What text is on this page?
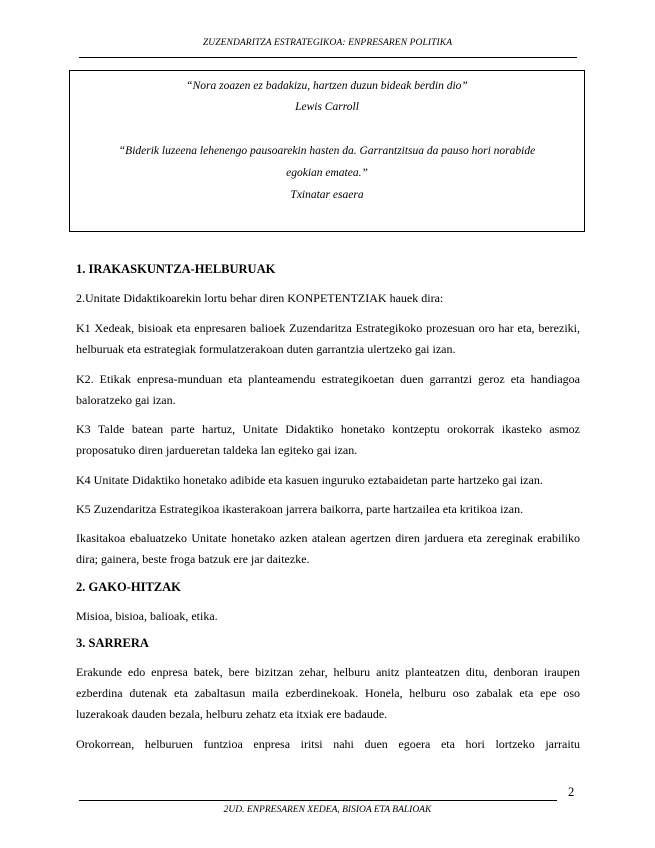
ZUZENDARITZA ESTRATEGIKOA: ENPRESAREN POLITIKA
“Nora zoazen ez badakizu, hartzen duzun bideak berdin dio”
Lewis Carroll
“Biderik luzeena lehenengo pausoarekin hasten da. Garrantzitsua da pauso hori norabide
egokian ematea.”
Txinatar esaera
1. IRAKASKUNTZA-HELBURUAK
2.Unitate Didaktikoarekin lortu behar diren KONPETENTZIAK hauek dira:
K1 Xedeak, bisioak eta enpresaren balioek Zuzendaritza Estrategikoko prozesuan oro har eta, bereziki, helburuak eta estrategiak formulatzerakoan duten garrantzia ulertzeko gai izan.
K2. Etikak enpresa-munduan eta planteamendu estrategikoetan duen garrantzi geroz eta handiagoa baloratzeko gai izan.
K3 Talde batean parte hartuz, Unitate Didaktiko honetako kontzeptu orokorrak ikasteko asmoz proposatuko diren jardueretan taldeka lan egiteko gai izan.
K4 Unitate Didaktiko honetako adibide eta kasuen inguruko eztabaidetan parte hartzeko gai izan.
K5 Zuzendaritza Estrategikoa ikasterakoan jarrera baikorra, parte hartzailea eta kritikoa izan.
Ikasitakoa ebaluatzeko Unitate honetako azken atalean agertzen diren jarduera eta zereginak erabiliko dira; gainera, beste froga batzuk ere jar daitezke.
2. GAKO-HITZAK
Misioa, bisioa, balioak, etika.
3. SARRERA
Erakunde edo enpresa batek, bere bizitzan zehar, helburu anitz planteatzen ditu, denboran iraupen ezberdina dutenak eta zabaltasun maila ezberdinekoak. Honela, helburu oso zabalak eta epe oso luzerakoak dauden bezala, helburu zehatz eta itxiak ere badaude.
Orokorrean, helburuen funtzioa enpresa iritsi nahi duen egoera eta hori lortzeko jarraitu
2
2UD. ENPRESAREN XEDEA, BISIOA ETA BALIOAK
